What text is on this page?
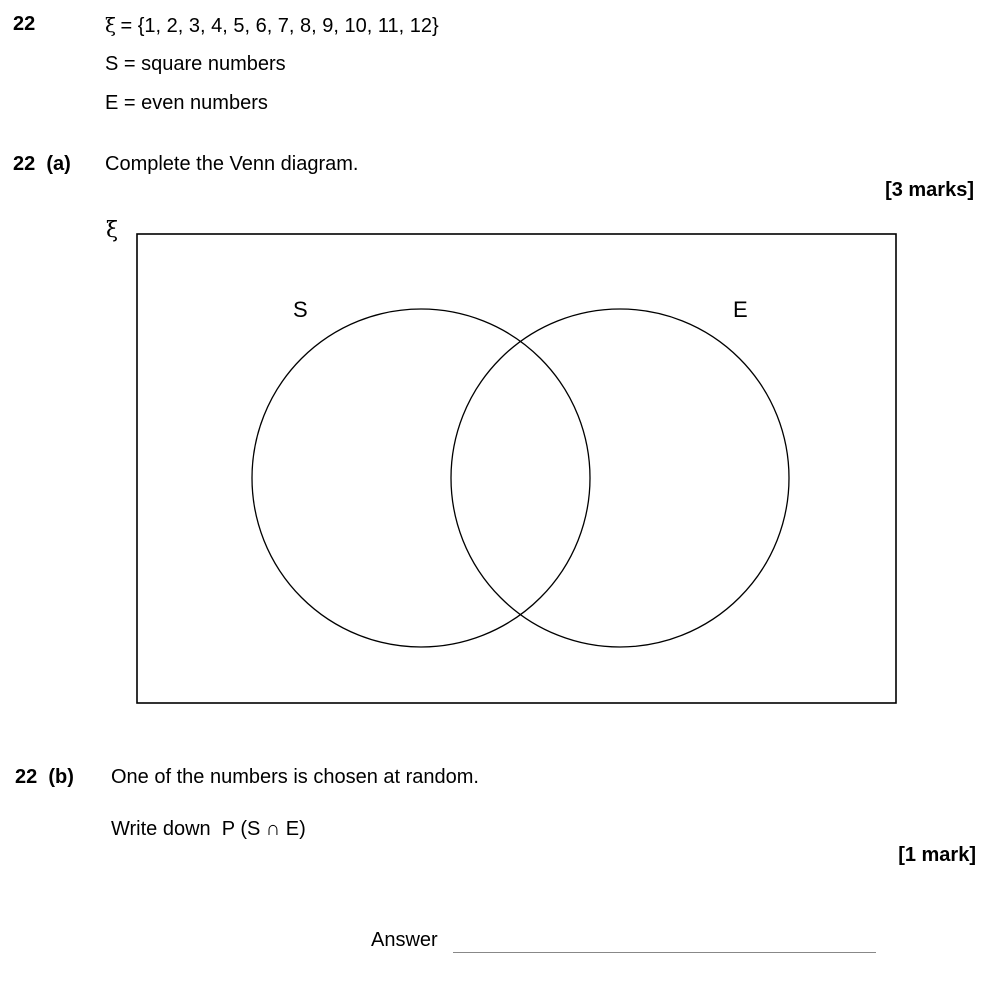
22	ξ = {1, 2, 3, 4, 5, 6, 7, 8, 9, 10, 11, 12}
S = square numbers
E = even numbers
22 (a) Complete the Venn diagram.
[3 marks]
ξ
S	E
22 (b) One of the numbers is chosen at random.
Write down  P (S ∩ E)
[1 mark]
Answer
